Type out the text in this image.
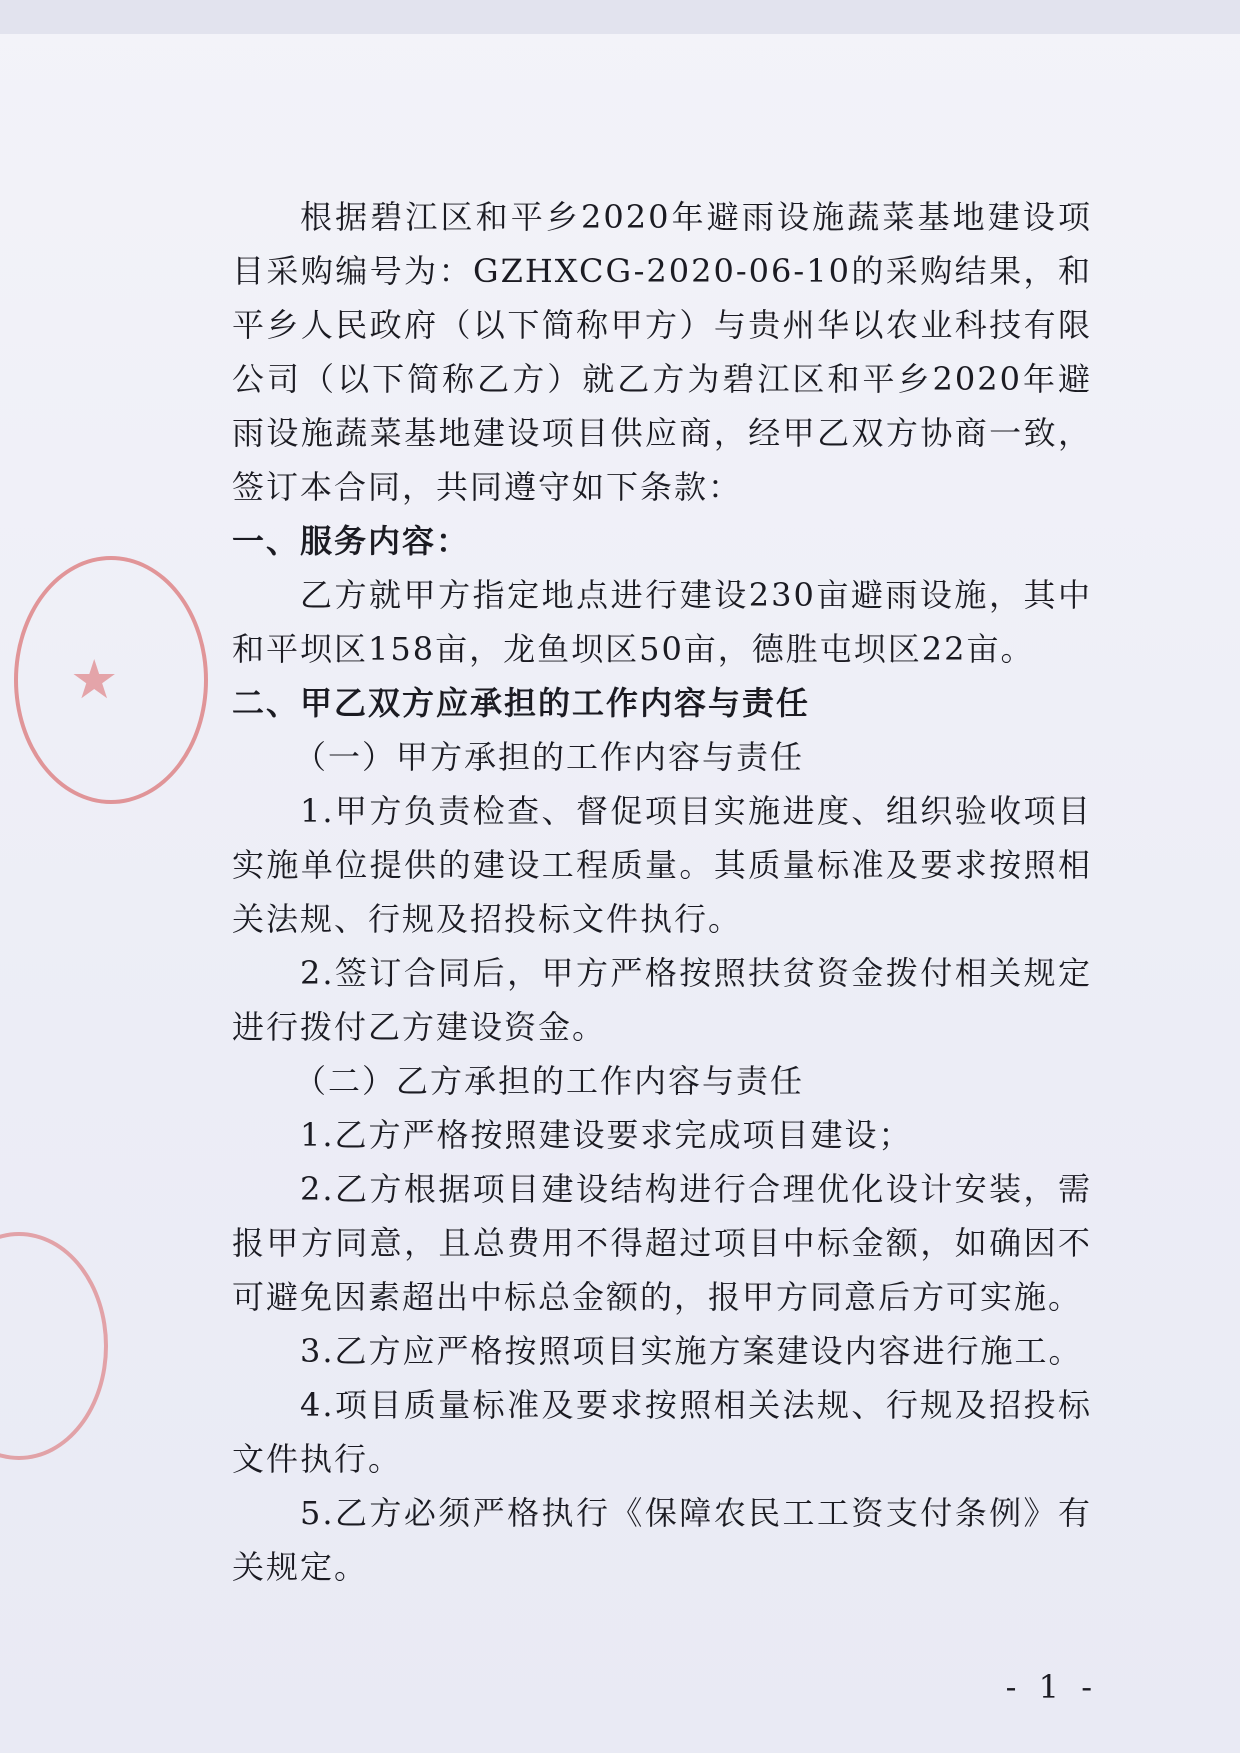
★

根据碧江区和平乡2020年避雨设施蔬菜基地建设项目采购编号为：GZHXCG-2020-06-10的采购结果，和平乡人民政府（以下简称甲方）与贵州华以农业科技有限公司（以下简称乙方）就乙方为碧江区和平乡2020年避雨设施蔬菜基地建设项目供应商，经甲乙双方协商一致，签订本合同，共同遵守如下条款：

一、服务内容：

乙方就甲方指定地点进行建设230亩避雨设施，其中和平坝区158亩，龙鱼坝区50亩，德胜屯坝区22亩。

二、甲乙双方应承担的工作内容与责任

（一）甲方承担的工作内容与责任

1.甲方负责检查、督促项目实施进度、组织验收项目实施单位提供的建设工程质量。其质量标准及要求按照相关法规、行规及招投标文件执行。

2.签订合同后，甲方严格按照扶贫资金拨付相关规定进行拨付乙方建设资金。

（二）乙方承担的工作内容与责任

1.乙方严格按照建设要求完成项目建设；

2.乙方根据项目建设结构进行合理优化设计安装，需报甲方同意，且总费用不得超过项目中标金额，如确因不可避免因素超出中标总金额的，报甲方同意后方可实施。

3.乙方应严格按照项目实施方案建设内容进行施工。

4.项目质量标准及要求按照相关法规、行规及招投标文件执行。

5.乙方必须严格执行《保障农民工工资支付条例》有关规定。

- 1 -
